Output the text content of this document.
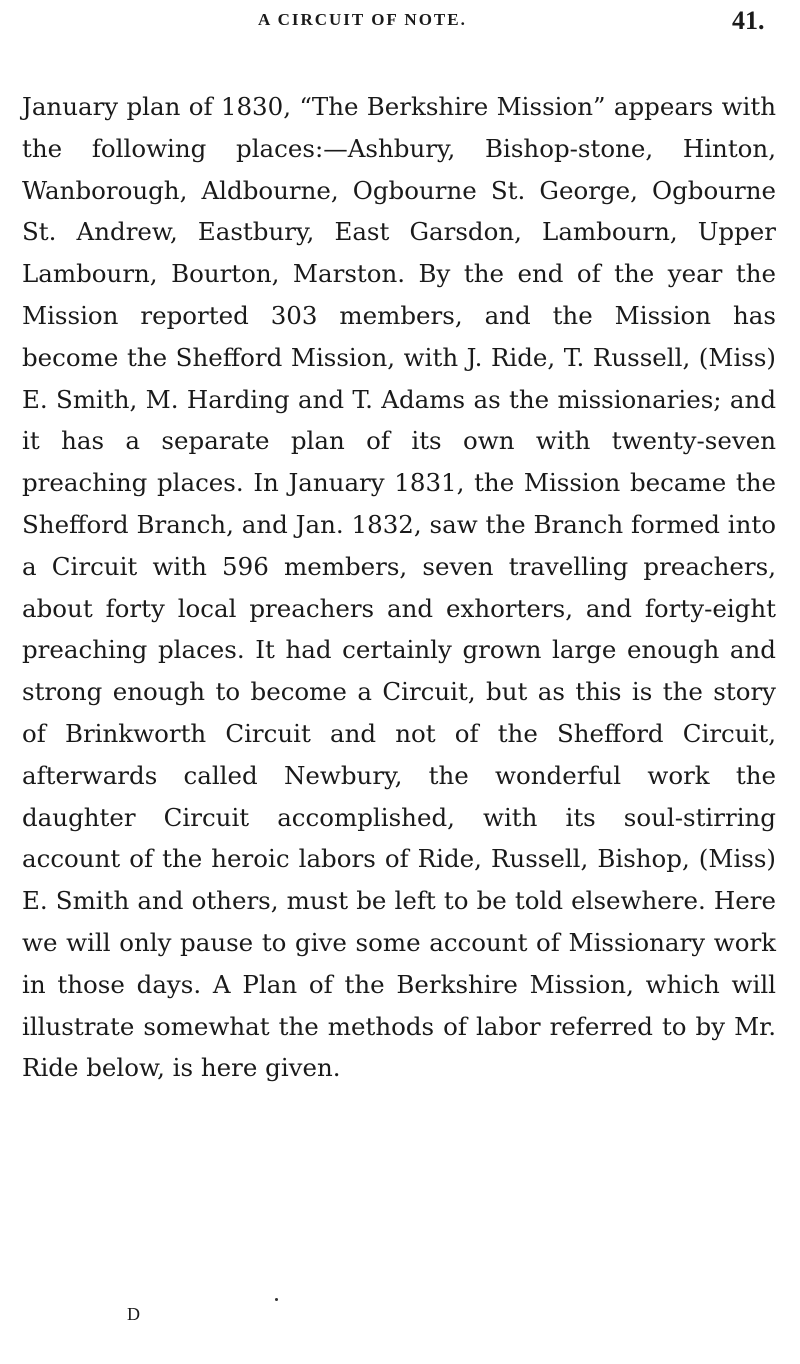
A CIRCUIT OF NOTE.	41.

January plan of 1830, “The Berkshire Mission” appears with the following places:—Ashbury, Bishop-stone, Hinton, Wanborough, Aldbourne, Ogbourne St. George, Ogbourne St. Andrew, Eastbury, East Garsdon, Lambourn, Upper Lambourn, Bourton, Marston. By the end of the year the Mission reported 303 members, and the Mission has become the Shefford Mission, with J. Ride, T. Russell, (Miss) E. Smith, M. Harding and T. Adams as the missionaries; and it has a separate plan of its own with twenty-seven preaching places. In January 1831, the Mission became the Shefford Branch, and Jan. 1832, saw the Branch formed into a Circuit with 596 members, seven travelling preachers, about forty local preachers and exhorters, and forty-eight preaching places. It had certainly grown large enough and strong enough to become a Circuit, but as this is the story of Brinkworth Circuit and not of the Shefford Circuit, afterwards called Newbury, the wonderful work the daughter Circuit accomplished, with its soul-stirring account of the heroic labors of Ride, Russell, Bishop, (Miss) E. Smith and others, must be left to be told elsewhere. Here we will only pause to give some account of Missionary work in those days. A Plan of the Berkshire Mission, which will illustrate somewhat the methods of labor referred to by Mr. Ride below, is here given.

D
